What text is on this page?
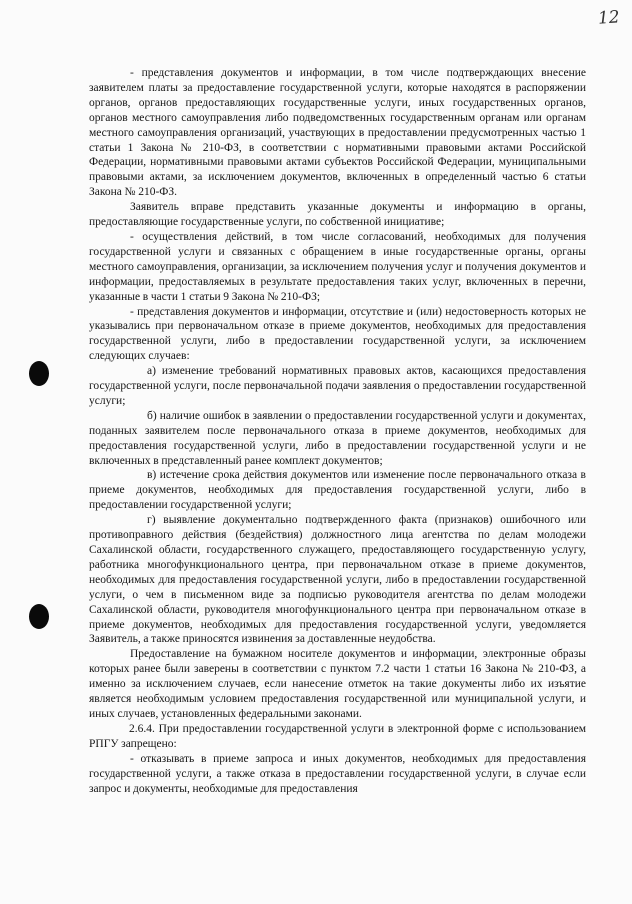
12

- представления документов и информации, в том числе подтверждающих внесение заявителем платы за предоставление государственной услуги, которые находятся в распоряжении органов, органов предоставляющих государственные услуги, иных государственных органов, органов местного самоуправления либо подведомственных государственным органам или органам местного самоуправления организаций, участвующих в предоставлении предусмотренных частью 1 статьи 1 Закона № 210-ФЗ, в соответствии с нормативными правовыми актами Российской Федерации, нормативными правовыми актами субъектов Российской Федерации, муниципальными правовыми актами, за исключением документов, включенных в определенный частью 6 статьи Закона № 210-ФЗ.

Заявитель вправе представить указанные документы и информацию в органы, предоставляющие государственные услуги, по собственной инициативе;

- осуществления действий, в том числе согласований, необходимых для получения государственной услуги и связанных с обращением в иные государственные органы, органы местного самоуправления, организации, за исключением получения услуг и получения документов и информации, предоставляемых в результате предоставления таких услуг, включенных в перечни, указанные в части 1 статьи 9 Закона № 210-ФЗ;

- представления документов и информации, отсутствие и (или) недостоверность которых не указывались при первоначальном отказе в приеме документов, необходимых для предоставления государственной услуги, либо в предоставлении государственной услуги, за исключением следующих случаев:

а) изменение требований нормативных правовых актов, касающихся предоставления государственной услуги, после первоначальной подачи заявления о предоставлении государственной услуги;

б) наличие ошибок в заявлении о предоставлении государственной услуги и документах, поданных заявителем после первоначального отказа в приеме документов, необходимых для предоставления государственной услуги, либо в предоставлении государственной услуги и не включенных в представленный ранее комплект документов;

в) истечение срока действия документов или изменение после первоначального отказа в приеме документов, необходимых для предоставления государственной услуги, либо в предоставлении государственной услуги;

г) выявление документально подтвержденного факта (признаков) ошибочного или противоправного действия (бездействия) должностного лица агентства по делам молодежи Сахалинской области, государственного служащего, предоставляющего государственную услугу, работника многофункционального центра, при первоначальном отказе в приеме документов, необходимых для предоставления государственной услуги, либо в предоставлении государственной услуги, о чем в письменном виде за подписью руководителя агентства по делам молодежи Сахалинской области, руководителя многофункционального центра при первоначальном отказе в приеме документов, необходимых для предоставления государственной услуги, уведомляется Заявитель, а также приносятся извинения за доставленные неудобства.

Предоставление на бумажном носителе документов и информации, электронные образы которых ранее были заверены в соответствии с пунктом 7.2 части 1 статьи 16 Закона № 210-ФЗ, а именно за исключением случаев, если нанесение отметок на такие документы либо их изъятие является необходимым условием предоставления государственной или муниципальной услуги, и иных случаев, установленных федеральными законами.

2.6.4. При предоставлении государственной услуги в электронной форме с использованием РПГУ запрещено:

- отказывать в приеме запроса и иных документов, необходимых для предоставления государственной услуги, а также отказа в предоставлении государственной услуги, в случае если запрос и документы, необходимые для предоставления
